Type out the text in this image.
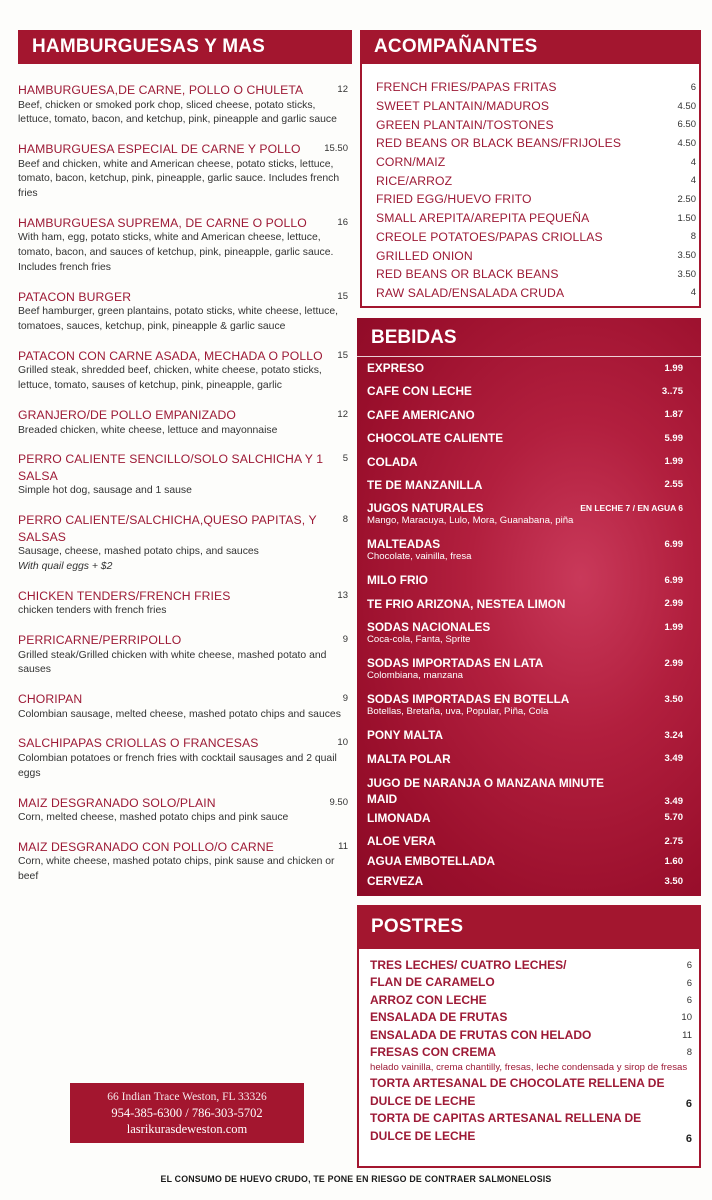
HAMBURGUESAS Y MAS	ACOMPAÑANTES
HAMBURGUESA,DE CARNE, POLLO O CHULETA	12
Beef, chicken or smoked pork chop, sliced cheese, potato sticks, lettuce, tomato, bacon, and ketchup, pink, pineapple and garlic sauce
HAMBURGUESA ESPECIAL DE CARNE Y POLLO	15.50
Beef and chicken, white and American cheese, potato sticks, lettuce, tomato, bacon, ketchup, pink, pineapple, garlic sauce. Includes french fries
HAMBURGUESA SUPREMA, DE CARNE O POLLO	16
With ham, egg, potato sticks, white and American cheese, lettuce, tomato, bacon, and sauces of ketchup, pink, pineapple, garlic sauce. Includes french fries
PATACON BURGER	15
Beef hamburger, green plantains, potato sticks, white cheese, lettuce, tomatoes, sauces, ketchup, pink, pineapple & garlic sauce
PATACON CON CARNE ASADA, MECHADA O POLLO	15
Grilled steak, shredded beef, chicken, white cheese, potato sticks, lettuce, tomato, sauses of ketchup, pink, pineapple, garlic
GRANJERO/DE POLLO EMPANIZADO	12
Breaded chicken, white cheese, lettuce and mayonnaise
PERRO CALIENTE SENCILLO/SOLO SALCHICHA Y 1 SALSA
5
Simple hot dog, sausage and 1 sause
PERRO CALIENTE/SALCHICHA,QUESO PAPITAS, Y SALSAS
8
Sausage, cheese, mashed potato chips, and sauces
With quail eggs + $2
CHICKEN TENDERS/FRENCH FRIES	13
chicken tenders with french fries
PERRICARNE/PERRIPOLLO	9
Grilled steak/Grilled chicken with white cheese, mashed potato and sauses
CHORIPAN	9
Colombian sausage, melted cheese, mashed potato chips and sauces
SALCHIPAPAS CRIOLLAS O FRANCESAS	10
Colombian potatoes or french fries with cocktail sausages and 2 quail eggs
MAIZ DESGRANADO SOLO/PLAIN	9.50
Corn, melted cheese, mashed potato chips and pink sauce
MAIZ DESGRANADO CON POLLO/O CARNE	11
Corn, white cheese, mashed potato chips, pink sause and chicken or beef
FRENCH FRIES/PAPAS FRITAS	6
SWEET PLANTAIN/MADUROS	4.50
GREEN PLANTAIN/TOSTONES	6.50
RED BEANS OR BLACK BEANS/FRIJOLES	4.50
CORN/MAIZ	4
RICE/ARROZ	4
FRIED EGG/HUEVO FRITO	2.50
SMALL AREPITA/AREPITA PEQUEÑA	1.50
CREOLE POTATOES/PAPAS CRIOLLAS	8
GRILLED ONION	3.50
RED BEANS OR BLACK BEANS	3.50
RAW SALAD/ENSALADA CRUDA	4
BEBIDAS
EXPRESO	1.99
CAFE CON LECHE	3..75
CAFE AMERICANO	1.87
CHOCOLATE CALIENTE	5.99
COLADA	1.99
TE DE MANZANILLA	2.55
JUGOS NATURALES	EN LECHE 7 / EN AGUA 6
Mango, Maracuya, Lulo, Mora, Guanabana, piña
MALTEADAS	6.99
Chocolate, vainilla, fresa
MILO FRIO	6.99
TE FRIO ARIZONA, NESTEA LIMON	2.99
SODAS NACIONALES	1.99
Coca-cola, Fanta, Sprite
SODAS IMPORTADAS EN LATA	2.99
Colombiana, manzana
SODAS IMPORTADAS EN BOTELLA	3.50
Botellas, Bretaña, uva, Popular, Piña, Cola
PONY MALTA	3.24
MALTA POLAR	3.49
JUGO DE NARANJA O MANZANA MINUTE MAID	3.49
LIMONADA	5.70
ALOE VERA	2.75
AGUA EMBOTELLADA	1.60
CERVEZA	3.50
POSTRES
TRES LECHES/ CUATRO LECHES/	6
FLAN DE CARAMELO	6
ARROZ CON LECHE	6
ENSALADA DE FRUTAS	10
ENSALADA DE FRUTAS CON HELADO	11
FRESAS CON CREMA	8
helado vainilla, crema chantilly, fresas, leche condensada y sirop de fresas
TORTA ARTESANAL DE CHOCOLATE RELLENA DE DULCE DE LECHE	6
TORTA DE CAPITAS ARTESANAL RELLENA DE DULCE DE LECHE	6
66 Indian Trace Weston, FL 33326
954-385-6300 / 786-303-5702
lasrikurasdeweston.com
EL CONSUMO DE HUEVO CRUDO, TE PONE EN RIESGO DE CONTRAER SALMONELOSIS
